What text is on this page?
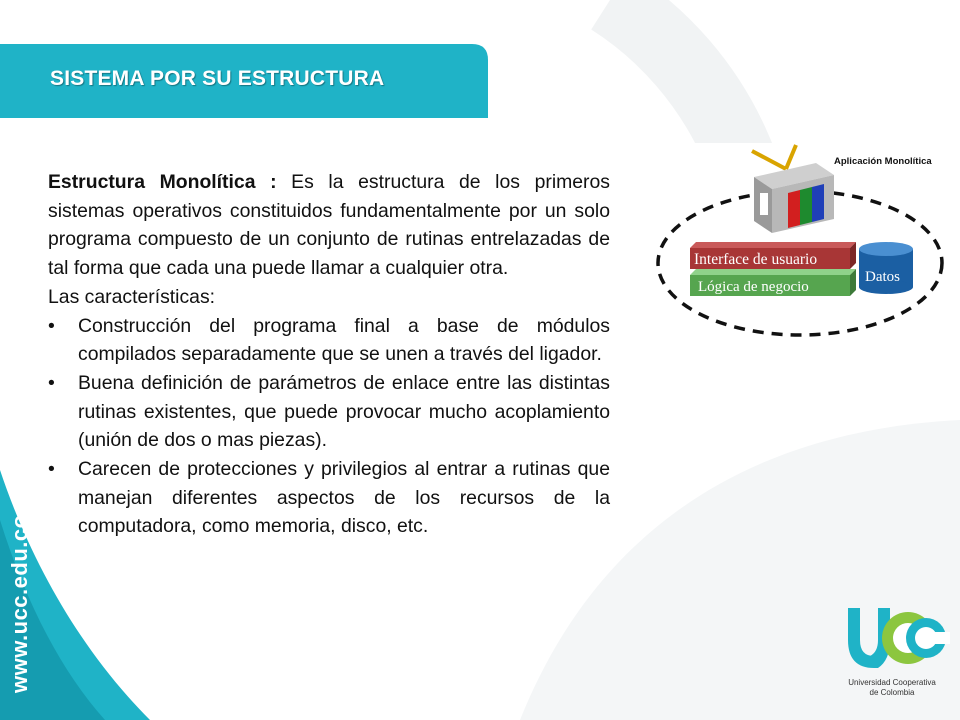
SISTEMA POR SU ESTRUCTURA

Estructura Monolítica : Es la estructura de los primeros sistemas operativos constituidos fundamentalmente por un solo programa compuesto de un conjunto de rutinas entrelazadas de tal forma que cada una puede llamar a cualquier otra.

Las características:

• Construcción del programa final a base de módulos compilados separadamente que se unen a través del ligador.
• Buena definición de parámetros de enlace entre las distintas rutinas existentes, que puede provocar mucho acoplamiento (unión de dos o mas piezas).
• Carecen de protecciones y privilegios al entrar a rutinas que manejan diferentes aspectos de los recursos de la computadora, como memoria, disco, etc.
Aplicación Monolítica
Interface de usuario
Lógica de negocio
Datos
www.ucc.edu.co	Universidad Cooperativa
de Colombia
